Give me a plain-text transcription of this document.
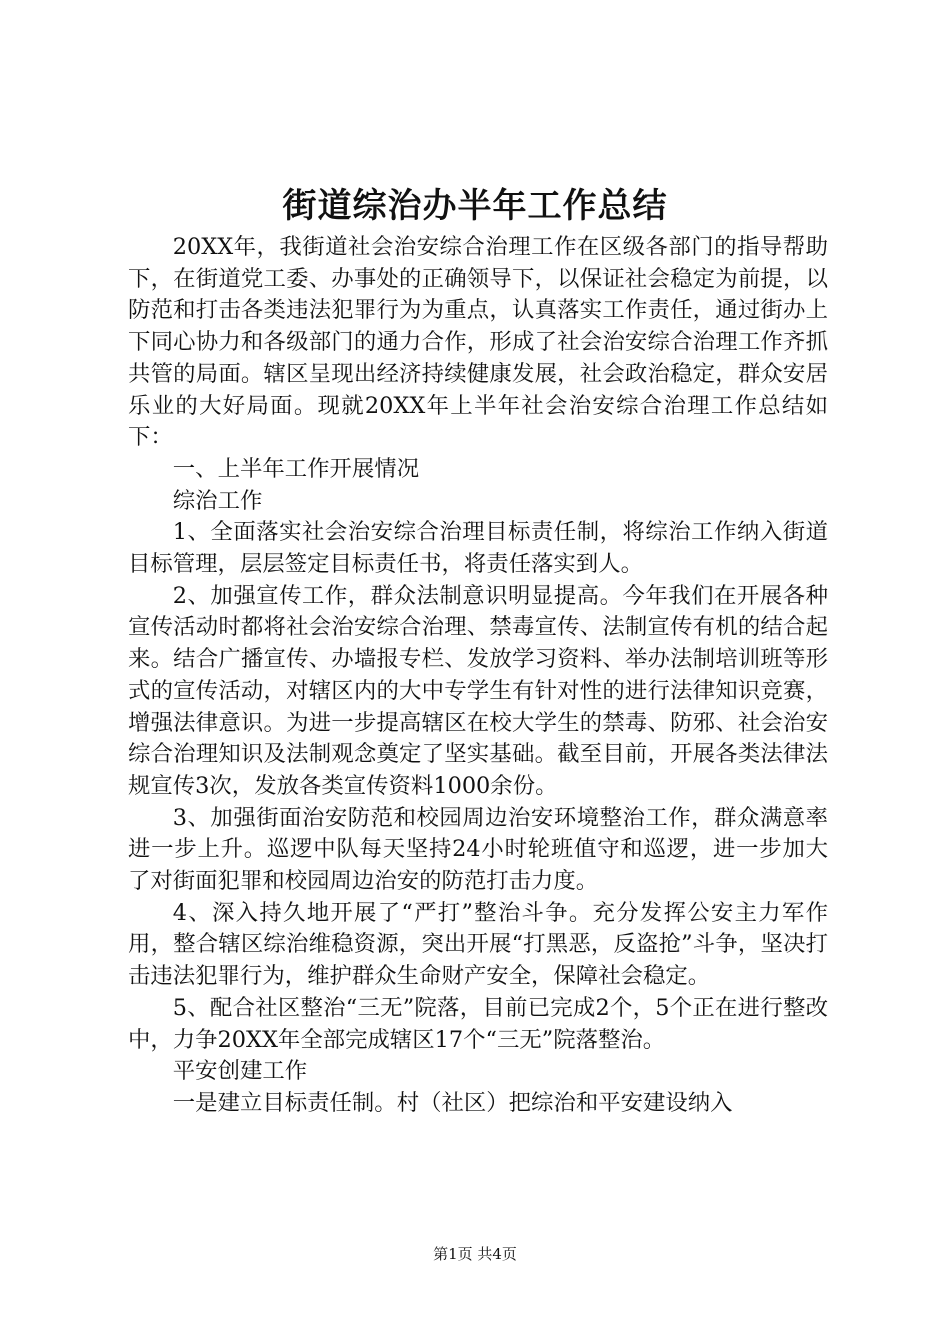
街道综治办半年工作总结

20XX年，我街道社会治安综合治理工作在区级各部门的指导帮助下，在街道党工委、办事处的正确领导下，以保证社会稳定为前提，以防范和打击各类违法犯罪行为为重点，认真落实工作责任，通过街办上下同心协力和各级部门的通力合作，形成了社会治安综合治理工作齐抓共管的局面。辖区呈现出经济持续健康发展，社会政治稳定，群众安居乐业的大好局面。现就20XX年上半年社会治安综合治理工作总结如下：

一、上半年工作开展情况

综治工作

1、全面落实社会治安综合治理目标责任制，将综治工作纳入街道目标管理，层层签定目标责任书，将责任落实到人。

2、加强宣传工作，群众法制意识明显提高。今年我们在开展各种宣传活动时都将社会治安综合治理、禁毒宣传、法制宣传有机的结合起来。结合广播宣传、办墙报专栏、发放学习资料、举办法制培训班等形式的宣传活动，对辖区内的大中专学生有针对性的进行法律知识竞赛，增强法律意识。为进一步提高辖区在校大学生的禁毒、防邪、社会治安综合治理知识及法制观念奠定了坚实基础。截至目前，开展各类法律法规宣传3次，发放各类宣传资料1000余份。

3、加强街面治安防范和校园周边治安环境整治工作，群众满意率进一步上升。巡逻中队每天坚持24小时轮班值守和巡逻，进一步加大了对街面犯罪和校园周边治安的防范打击力度。

4、深入持久地开展了“严打”整治斗争。充分发挥公安主力军作用，整合辖区综治维稳资源，突出开展“打黑恶，反盗抢”斗争，坚决打击违法犯罪行为，维护群众生命财产安全，保障社会稳定。

5、配合社区整治“三无”院落，目前已完成2个，5个正在进行整改中，力争20XX年全部完成辖区17个“三无”院落整治。

平安创建工作

一是建立目标责任制。村（社区）把综治和平安建设纳入

第1页 共4页
